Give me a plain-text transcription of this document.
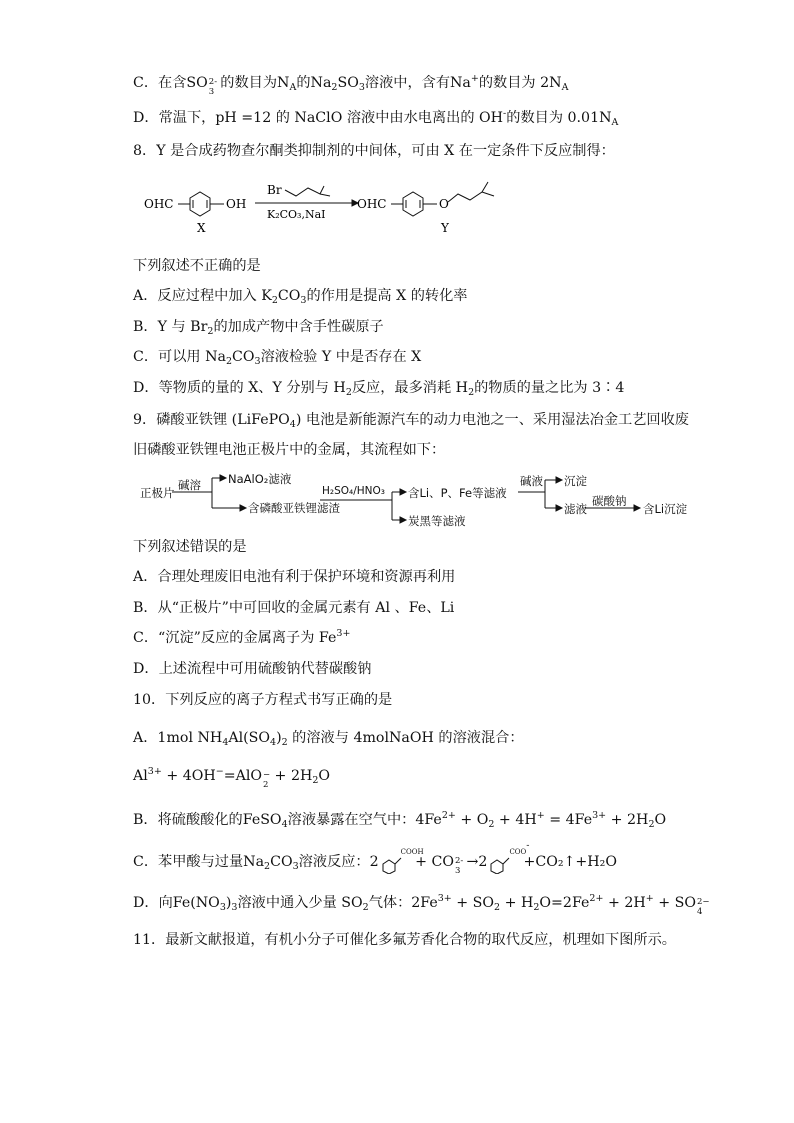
C．在含SO 2-
3
的数目为$N_A$的$Na_2SO_3$溶液中，含有Na+的数目为 $2N_A$
D．常温下，pH =12 的 NaClO 溶液中由水电离出的 OH-的数目为 $0.01N_A$
8．Y 是合成药物查尔酮类抑制剂的中间体，可由 X 在一定条件下反应制得：
OHC	OH
X
Br
K₂CO₃,NaI
OHC	O
Y
下列叙述不正确的是
A．反应过程中加入 $K_2CO_3$的作用是提高 X 的转化率
B．Y 与 $Br_2$的加成产物中含手性碳原子
C．可以用 $Na_2CO_3$溶液检验 Y 中是否存在 X
D．等物质的量的 X、Y 分别与 $H_2$反应，最多消耗 $H_2$的物质的量之比为 3∶4
9．磷酸亚铁锂 (LiFePO$_4$) 电池是新能源汽车的动力电池之一、采用湿法冶金工艺回收废
旧磷酸亚铁锂电池正极片中的金属，其流程如下：
正极片
碱溶 NaAlO₂滤液
含磷酸亚铁锂滤渣
H₂SO₄/HNO₃ 含Li、P、Fe等滤液
炭黑等滤液
碱液 沉淀
滤液
碳酸钠
含Li沉淀
下列叙述错误的是
A．合理处理废旧电池有利于保护环境和资源再利用
B．从“正极片”中可回收的金属元素有 Al 、Fe、Li
C．“沉淀”反应的金属离子为 $Fe^{3+}$
D．上述流程中可用硫酸钠代替碳酸钠
10．下列反应的离子方程式书写正确的是
A．1mol $NH_4Al(SO_4)_2$ 的溶液与 4molNaOH 的溶液混合：
$Al^{3+} + 4OH^-=AlO$ −
2
+ $2H_2O$
B．将硫酸酸化的FeSO$_4$溶液暴露在空气中：$4Fe^{2+} + O_2 + 4H^+ = 4Fe^{3+} + 2H_2O$
C．苯甲酸与过量$Na_2CO_3$溶液反应：2
COOH
+ CO 2-
3
→2
COO-
+CO₂↑+H₂O
D．向$Fe(NO_3)_3$溶液中通入少量 $SO_2$气体：$2Fe^{3+} + SO_2 + H_2O=2Fe^{2+} + 2H^+$ + SO 2−
4
11．最新文献报道，有机小分子可催化多氟芳香化合物的取代反应，机理如下图所示。
